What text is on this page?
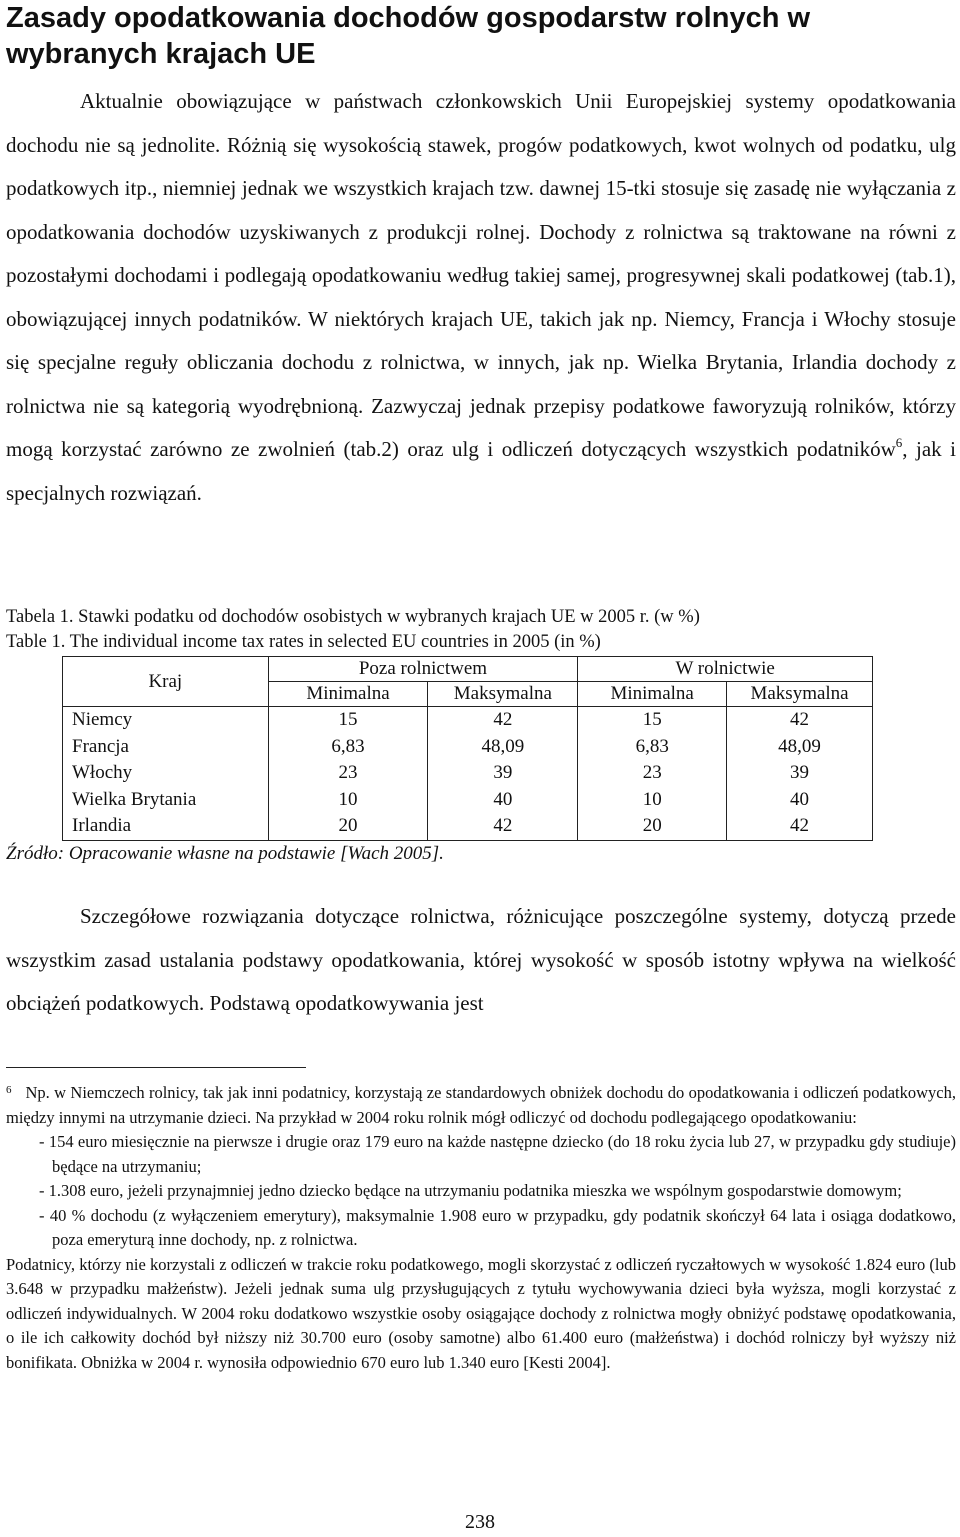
Zasady opodatkowania dochodów gospodarstw rolnych w wybranych krajach UE

Aktualnie obowiązujące w państwach członkowskich Unii Europejskiej systemy opodatkowania dochodu nie są jednolite. Różnią się wysokością stawek, progów podatkowych, kwot wolnych od podatku, ulg podatkowych itp., niemniej jednak we wszystkich krajach tzw. dawnej 15-tki stosuje się zasadę nie wyłączania z opodatkowania dochodów uzyskiwanych z produkcji rolnej. Dochody z rolnictwa są traktowane na równi z pozostałymi dochodami i podlegają opodatkowaniu według takiej samej, progresywnej skali podatkowej (tab.1), obowiązującej innych podatników. W niektórych krajach UE, takich jak np. Niemcy, Francja i Włochy stosuje się specjalne reguły obliczania dochodu z rolnictwa, w innych, jak np. Wielka Brytania, Irlandia dochody z rolnictwa nie są kategorią wyodrębnioną. Zazwyczaj jednak przepisy podatkowe faworyzują rolników, którzy mogą korzystać zarówno ze zwolnień (tab.2) oraz ulg i odliczeń dotyczących wszystkich podatników$^6$, jak i specjalnych rozwiązań.

Tabela 1. Stawki podatku od dochodów osobistych w wybranych krajach UE w 2005 r. (w %)

Table 1. The individual income tax rates in selected EU countries in 2005 (in %)

Kraj	Poza rolnictwem		W rolnictwie	
	Minimalna	Maksymalna	Minimalna	Maksymalna
Niemcy	15	42	15	42
Francja	6,83	48,09	6,83	48,09
Włochy	23	39	23	39
Wielka Brytania	10	40	10	40
Irlandia	20	42	20	42

Źródło: Opracowanie własne na podstawie [Wach 2005].

Szczegółowe rozwiązania dotyczące rolnictwa, różnicujące poszczególne systemy, dotyczą przede wszystkim zasad ustalania podstawy opodatkowania, której wysokość w sposób istotny wpływa na wielkość obciążeń podatkowych. Podstawą opodatkowywania jest

$^6$ Np. w Niemczech rolnicy, tak jak inni podatnicy, korzystają ze standardowych obniżek dochodu do opodatkowania i odliczeń podatkowych, między innymi na utrzymanie dzieci. Na przykład w 2004 roku rolnik mógł odliczyć od dochodu podlegającego opodatkowaniu:

- 154 euro miesięcznie na pierwsze i drugie oraz 179 euro na każde następne dziecko (do 18 roku życia lub 27, w przypadku gdy studiuje) będące na utrzymaniu;
- 1.308 euro, jeżeli przynajmniej jedno dziecko będące na utrzymaniu podatnika mieszka we wspólnym gospodarstwie domowym;
- 40 % dochodu (z wyłączeniem emerytury), maksymalnie 1.908 euro w przypadku, gdy podatnik skończył 64 lata i osiąga dodatkowo, poza emeryturą inne dochody, np. z rolnictwa.

Podatnicy, którzy nie korzystali z odliczeń w trakcie roku podatkowego, mogli skorzystać z odliczeń ryczałtowych w wysokość 1.824 euro (lub 3.648 w przypadku małżeństw). Jeżeli jednak suma ulg przysługujących z tytułu wychowywania dzieci była wyższa, mogli korzystać z odliczeń indywidualnych. W 2004 roku dodatkowo wszystkie osoby osiągające dochody z rolnictwa mogły obniżyć podstawę opodatkowania, o ile ich całkowity dochód był niższy niż 30.700 euro (osoby samotne) albo 61.400 euro (małżeństwa) i dochód rolniczy był wyższy niż bonifikata. Obniżka w 2004 r. wynosiła odpowiednio 670 euro lub 1.340 euro [Kesti 2004].

238
